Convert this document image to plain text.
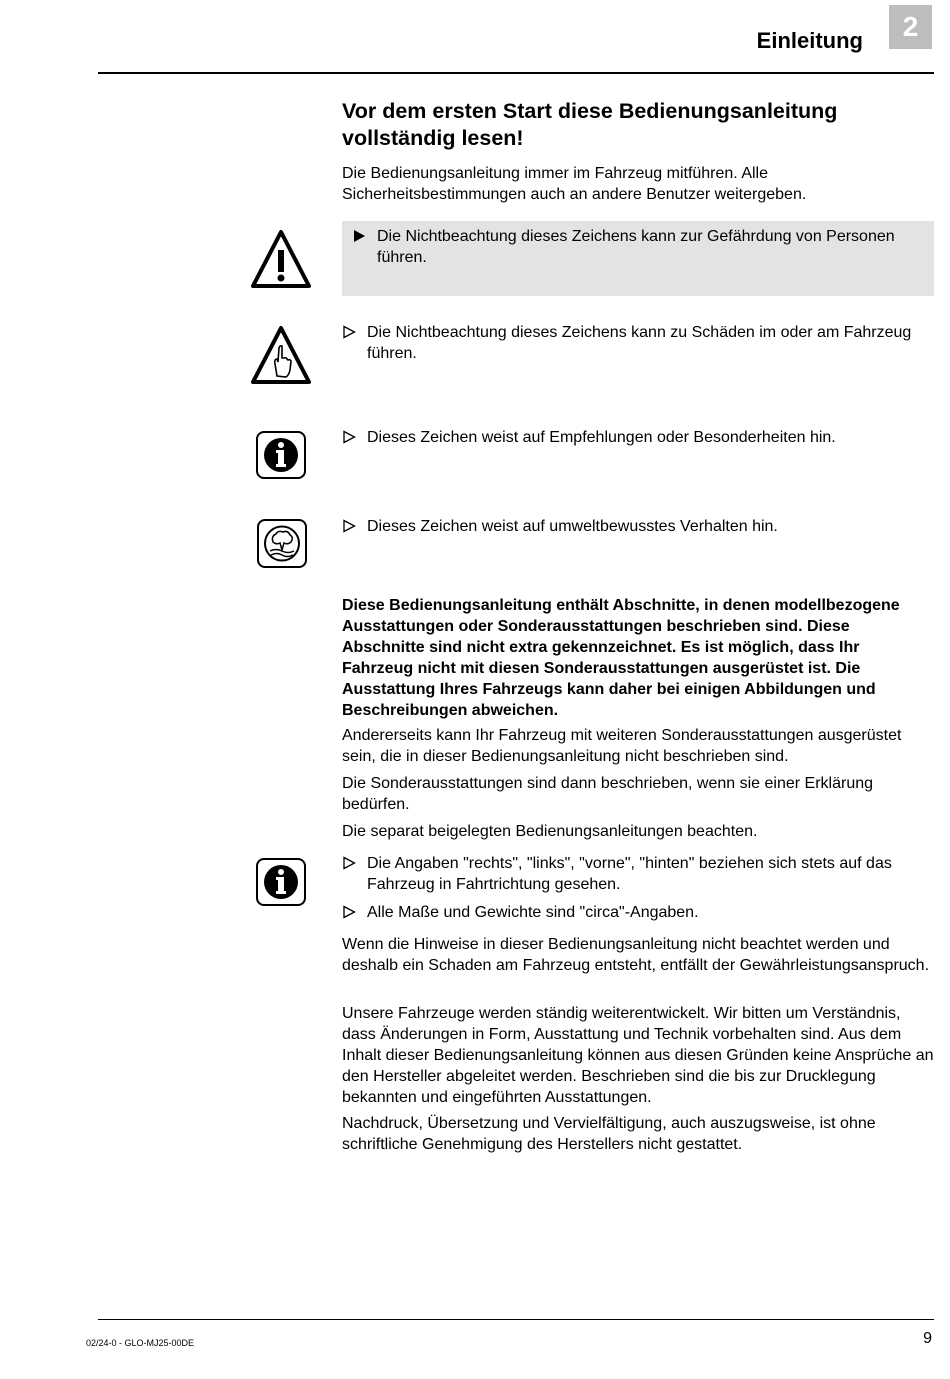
Einleitung	2
Vor dem ersten Start diese Bedienungsanleitung vollständig lesen!

Die Bedienungsanleitung immer im Fahrzeug mitführen. Alle Sicherheitsbestimmungen auch an andere Benutzer weitergeben.

Die Nichtbeachtung dieses Zeichens kann zur Gefährdung von Personen führen.
Die Nichtbeachtung dieses Zeichens kann zu Schäden im oder am Fahrzeug führen.
Dieses Zeichen weist auf Empfehlungen oder Besonderheiten hin.
Dieses Zeichen weist auf umweltbewusstes Verhalten hin.

Diese Bedienungsanleitung enthält Abschnitte, in denen modellbezogene Ausstattungen oder Sonderausstattungen beschrieben sind. Diese Abschnitte sind nicht extra gekennzeichnet. Es ist möglich, dass Ihr Fahrzeug nicht mit diesen Sonderausstattungen ausgerüstet ist. Die Ausstattung Ihres Fahrzeugs kann daher bei einigen Abbildungen und Beschreibungen abweichen.

Andererseits kann Ihr Fahrzeug mit weiteren Sonderausstattungen ausgerüstet sein, die in dieser Bedienungsanleitung nicht beschrieben sind.

Die Sonderausstattungen sind dann beschrieben, wenn sie einer Erklärung bedürfen.

Die separat beigelegten Bedienungsanleitungen beachten.

Die Angaben "rechts", "links", "vorne", "hinten" beziehen sich stets auf das Fahrzeug in Fahrtrichtung gesehen.
Alle Maße und Gewichte sind "circa"-Angaben.

Wenn die Hinweise in dieser Bedienungsanleitung nicht beachtet werden und deshalb ein Schaden am Fahrzeug entsteht, entfällt der Gewährleistungsanspruch.

Unsere Fahrzeuge werden ständig weiterentwickelt. Wir bitten um Verständnis, dass Änderungen in Form, Ausstattung und Technik vorbehalten sind. Aus dem Inhalt dieser Bedienungsanleitung können aus diesen Gründen keine Ansprüche an den Hersteller abgeleitet werden. Beschrieben sind die bis zur Drucklegung bekannten und eingeführten Ausstattungen.

Nachdruck, Übersetzung und Vervielfältigung, auch auszugsweise, ist ohne schriftliche Genehmigung des Herstellers nicht gestattet.

02/24-0 - GLO-MJ25-00DE	9
